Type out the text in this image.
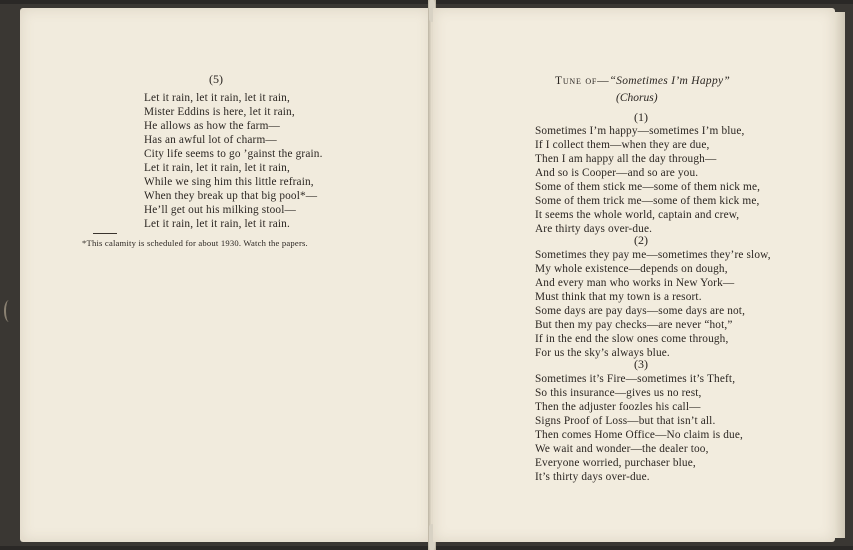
(5)
Let it rain, let it rain, let it rain,
Mister Eddins is here, let it rain,
He allows as how the farm—
Has an awful lot of charm—
City life seems to go ’gainst the grain.
Let it rain, let it rain, let it rain,
While we sing him this little refrain,
When they break up that big pool*—
He’ll get out his milking stool—
Let it rain, let it rain, let it rain.
*This calamity is scheduled for about 1930. Watch the papers.
Tune of—“Sometimes I’m Happy”
(Chorus)
(1)
Sometimes I’m happy—sometimes I’m blue,
If I collect them—when they are due,
Then I am happy all the day through—
And so is Cooper—and so are you.
Some of them stick me—some of them nick me,
Some of them trick me—some of them kick me,
It seems the whole world, captain and crew,
Are thirty days over-due.
(2)
Sometimes they pay me—sometimes they’re slow,
My whole existence—depends on dough,
And every man who works in New York—
Must think that my town is a resort.
Some days are pay days—some days are not,
But then my pay checks—are never “hot,”
If in the end the slow ones come through,
For us the sky’s always blue.
(3)
Sometimes it’s Fire—sometimes it’s Theft,
So this insurance—gives us no rest,
Then the adjuster foozles his call—
Signs Proof of Loss—but that isn’t all.
Then comes Home Office—No claim is due,
We wait and wonder—the dealer too,
Everyone worried, purchaser blue,
It’s thirty days over-due.
